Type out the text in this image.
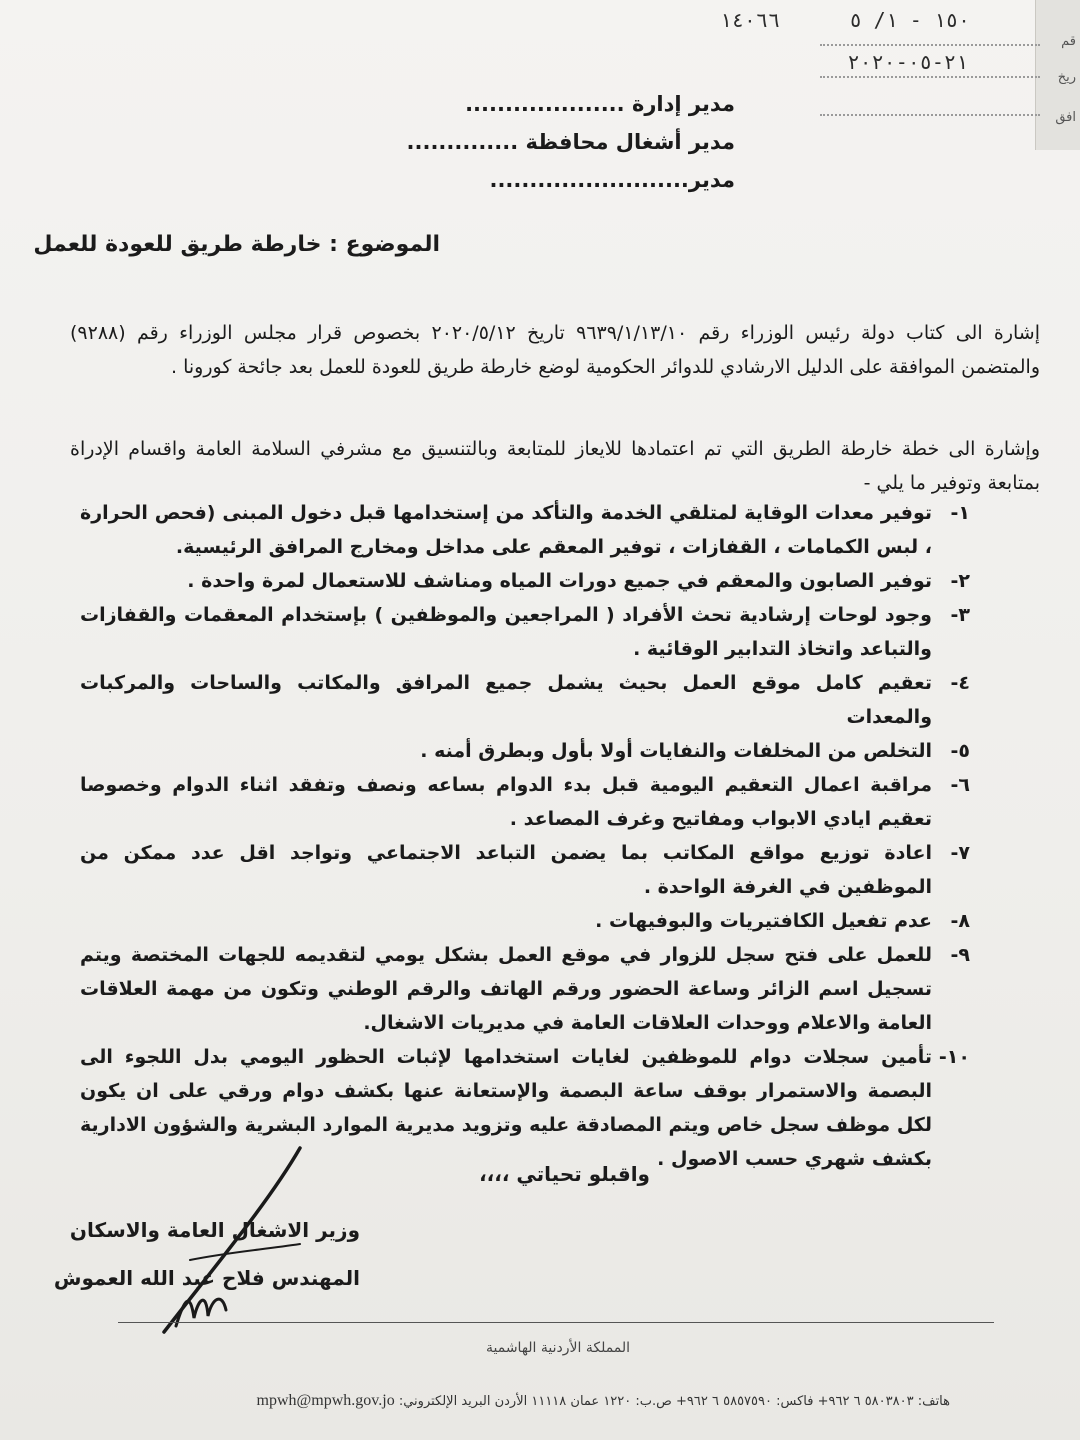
قم
ريخ
افق
١٥٠ - ١/ ٥
١٤٠٦٦
٢١-٠٥-٢٠٢٠
مدير إدارة ....................
مدير أشغال محافظة ..............
مدير.........................
الموضوع : خارطة طريق للعودة للعمل
إشارة الى كتاب دولة رئيس الوزراء رقم ٩٦٣٩/١/١٣/١٠ تاريخ ٢٠٢٠/٥/١٢ بخصوص قرار مجلس الوزراء رقم (٩٢٨٨) والمتضمن الموافقة على الدليل الارشادي للدوائر الحكومية لوضع خارطة طريق للعودة للعمل بعد جائحة كورونا .
وإشارة الى خطة خارطة الطريق التي تم اعتمادها للايعاز للمتابعة وبالتنسيق مع مشرفي السلامة العامة واقسام الإدراة بمتابعة وتوفير ما يلي -
١-
توفير معدات الوقاية لمتلقي الخدمة والتأكد من إستخدامها قبل دخول المبنى (فحص الحرارة ، لبس الكمامات ، القفازات ، توفير المعقم على مداخل ومخارج المرافق الرئيسية.
٢-
توفير الصابون والمعقم في جميع دورات المياه ومناشف للاستعمال لمرة واحدة .
٣-
وجود لوحات إرشادية تحث الأفراد ( المراجعين والموظفين ) بإستخدام المعقمات والقفازات والتباعد واتخاذ التدابير الوقائية .
٤-
تعقيم كامل موقع العمل بحيث يشمل جميع المرافق والمكاتب والساحات والمركبات والمعدات
٥-
التخلص من المخلفات والنفايات أولا بأول وبطرق أمنه .
٦-
مراقبة اعمال التعقيم اليومية قبل بدء الدوام بساعه ونصف وتفقد اثناء الدوام وخصوصا تعقيم ايادي الابواب ومفاتيح وغرف المصاعد .
٧-
اعادة توزيع مواقع المكاتب بما يضمن التباعد الاجتماعي وتواجد اقل عدد ممكن من الموظفين في الغرفة الواحدة .
٨-
عدم تفعيل الكافتيريات والبوفيهات .
٩-
للعمل على فتح سجل للزوار في موقع العمل بشكل يومي لتقديمه للجهات المختصة ويتم تسجيل اسم الزائر وساعة الحضور ورقم الهاتف والرقم الوطني وتكون من مهمة العلاقات العامة والاعلام ووحدات العلاقات العامة في مديريات الاشغال.
١٠-
تأمين سجلات دوام للموظفين لغايات استخدامها لإثبات الحظور اليومي بدل اللجوء الى البصمة والاستمرار بوقف ساعة البصمة والإستعانة عنها بكشف دوام ورقي على ان يكون لكل موظف سجل خاص ويتم المصادقة عليه وتزويد مديرية الموارد البشرية والشؤون الادارية بكشف شهري حسب الاصول .
واقبلو تحياتي ،،،،
وزير الاشغال العامة والاسكان
المهندس فلاح عبد الله العموش
المملكة الأردنية الهاشمية
هاتف: ٥٨٠٣٨٠٣ ٦ ٩٦٢+ فاكس: ٥٨٥٧٥٩٠ ٦ ٩٦٢+ ص.ب: ١٢٢٠ عمان ١١١١٨ الأردن البريد الإلكتروني: mpwh@mpwh.gov.jo
